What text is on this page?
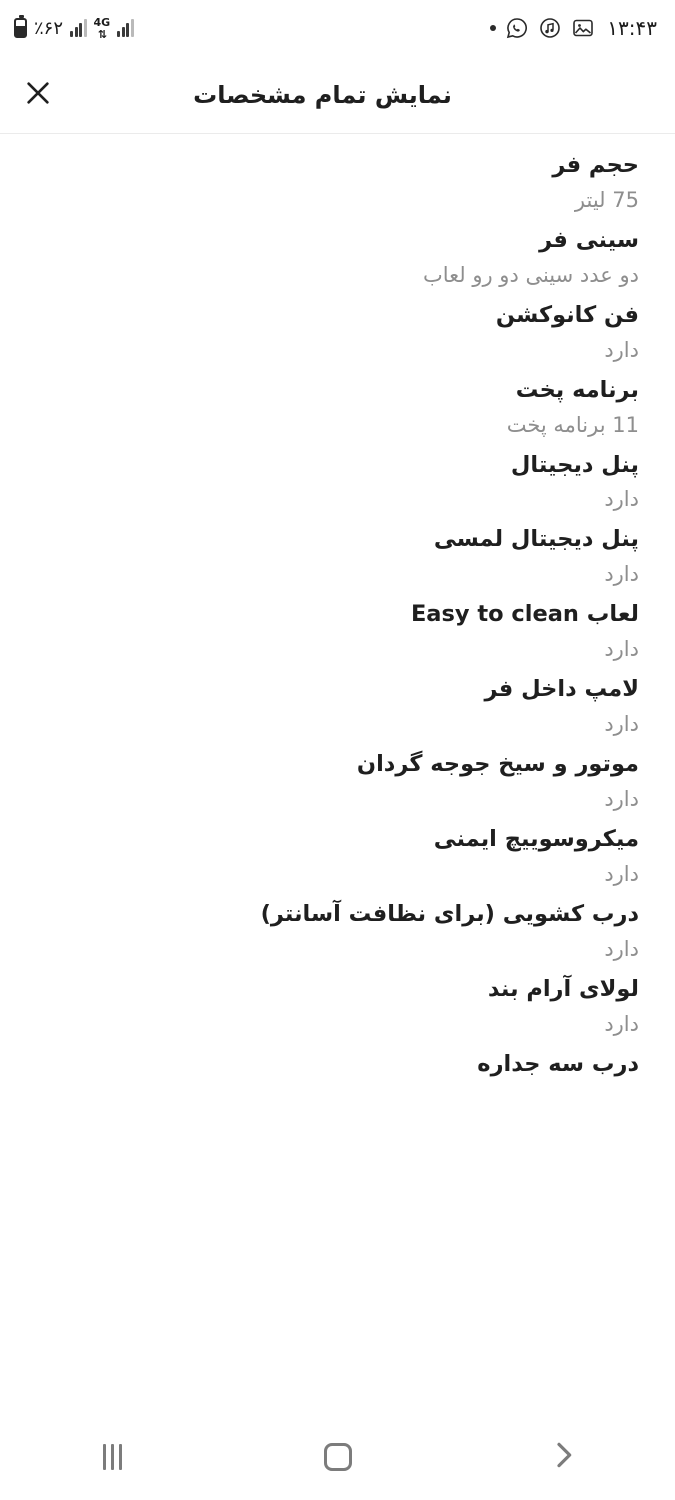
٪۶۲	4G
⇅	۱۳:۴۳
نمایش تمام مشخصات
حجم فر
75 لیتر
سینی فر
دو عدد سینی دو رو لعاب
فن کانوکشن
دارد
برنامه پخت
11 برنامه پخت
پنل دیجیتال
دارد
پنل دیجیتال لمسی
دارد
لعاب Easy to clean
دارد
لامپ داخل فر
دارد
موتور و سیخ جوجه گردان
دارد
میکروسوییچ ایمنی
دارد
درب کشویی (برای نظافت آسانتر)
دارد
لولای آرام بند
دارد
درب سه جداره
